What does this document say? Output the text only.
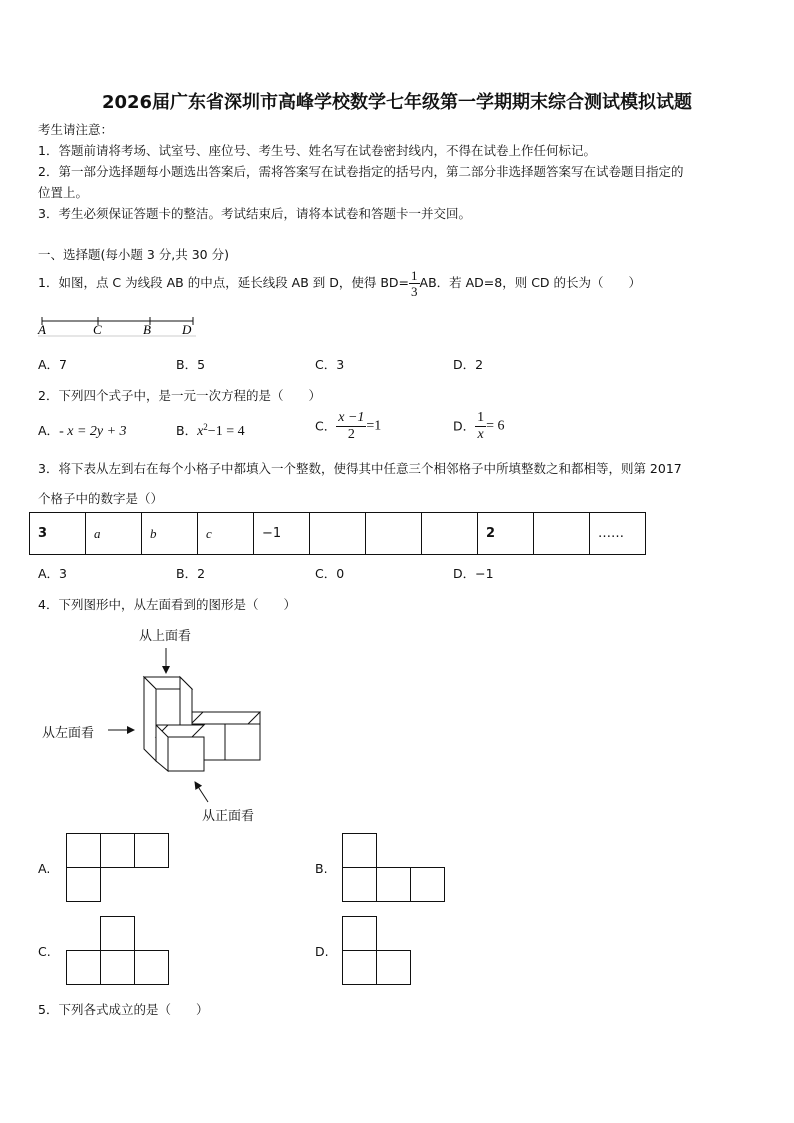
2026届广东省深圳市高峰学校数学七年级第一学期期末综合测试模拟试题
考生请注意：
1．答题前请将考场、试室号、座位号、考生号、姓名写在试卷密封线内，不得在试卷上作任何标记。
2．第一部分选择题每小题选出答案后，需将答案写在试卷指定的括号内，第二部分非选择题答案写在试卷题目指定的
位置上。
3．考生必须保证答题卡的整洁。考试结束后，请将本试卷和答题卡一并交回。
一、选择题(每小题 3 分,共 30 分)
1．如图，点 C 为线段 AB 的中点，延长线段 AB 到 D，使得 $BD= \frac{1}{3}$ AB．若 AD=8，则 CD 的长为（　　）
A	C	B D
A．7	B．5	C．3	D．2
2．下列四个式子中，是一元一次方程的是（　　）
A．- x = 2y + 3	B．$x^2-1 = 4$	C． $\frac{x -1}{2} =1$	D． $\frac{1}{x} = 6$
3．将下表从左到右在每个小格子中都填入一个整数，使得其中任意三个相邻格子中所填整数之和都相等，则第 2017
个格子中的数字是（）
3	a	b	c	−1				2		……
A．3	B．2	C．0	D．−1
4．下列图形中，从左面看到的图形是（　　）
从上面看
从左面看
从正面看
A.	B.
C.	D.
5．下列各式成立的是（　　）
